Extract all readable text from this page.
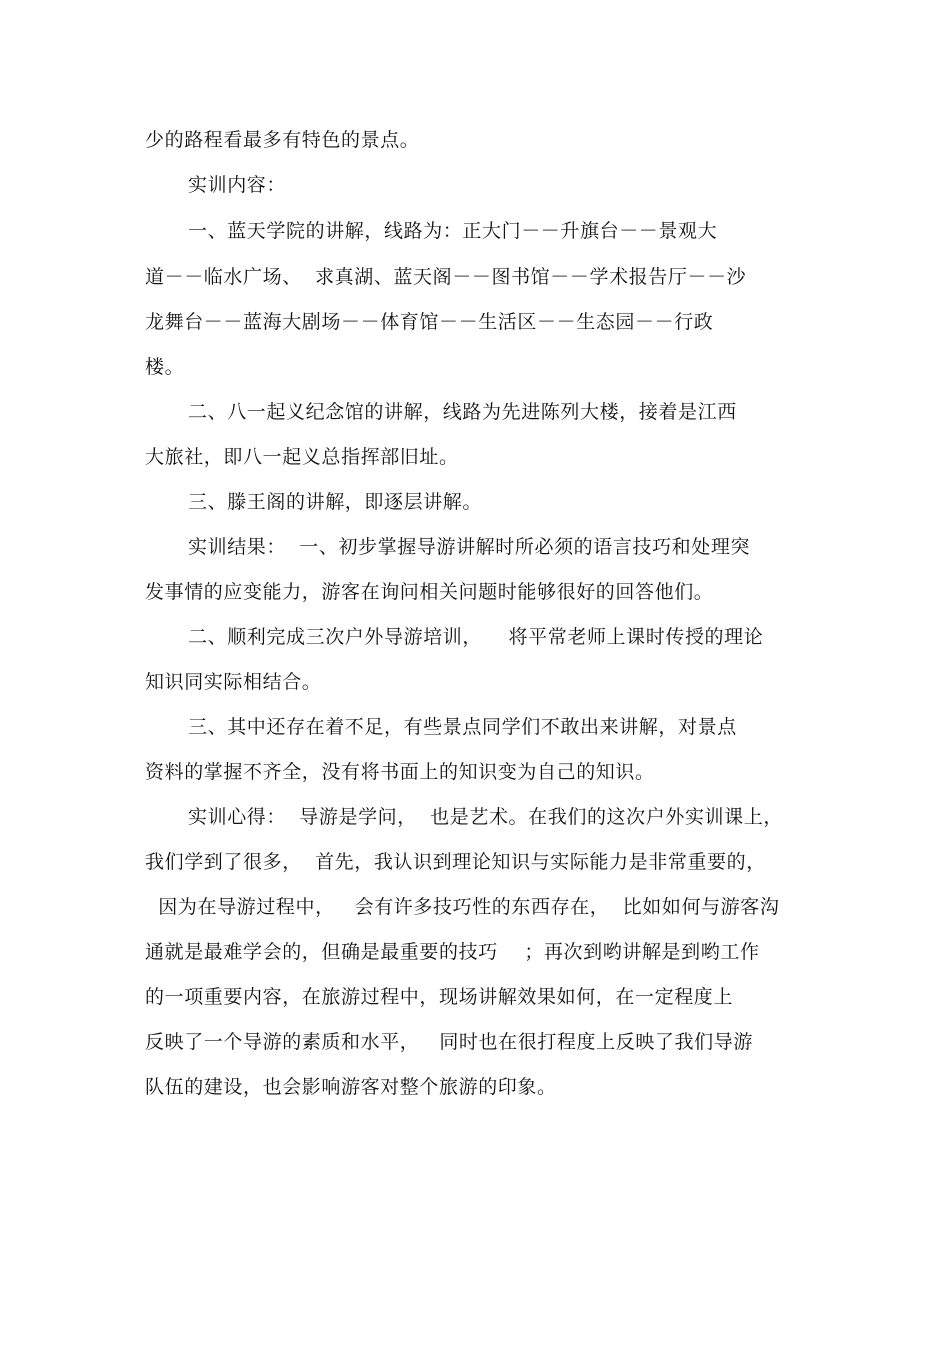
少的路程看最多有特色的景点。
实训内容：
一、蓝天学院的讲解，线路为：正大门－－升旗台－－景观大
道－－临水广场、  求真湖、蓝天阁－－图书馆－－学术报告厅－－沙
龙舞台－－蓝海大剧场－－体育馆－－生活区－－生态园－－行政
楼。
二、八一起义纪念馆的讲解，线路为先进陈列大楼，接着是江西
大旅社，即八一起义总指挥部旧址。
三、滕王阁的讲解，即逐层讲解。
实训结果：  一、初步掌握导游讲解时所必须的语言技巧和处理突
发事情的应变能力，游客在询问相关问题时能够很好的回答他们。
二、顺利完成三次户外导游培训，    将平常老师上课时传授的理论
知识同实际相结合。
三、其中还存在着不足，有些景点同学们不敢出来讲解，对景点
资料的掌握不齐全，没有将书面上的知识变为自己的知识。
实训心得：  导游是学问，  也是艺术。在我们的这次户外实训课上，
我们学到了很多，  首先，我认识到理论知识与实际能力是非常重要的，
因为在导游过程中，   会有许多技巧性的东西存在，  比如如何与游客沟
通就是最难学会的，但确是最重要的技巧    ；再次到哟讲解是到哟工作
的一项重要内容，在旅游过程中，现场讲解效果如何，在一定程度上
反映了一个导游的素质和水平，   同时也在很打程度上反映了我们导游
队伍的建设，也会影响游客对整个旅游的印象。
